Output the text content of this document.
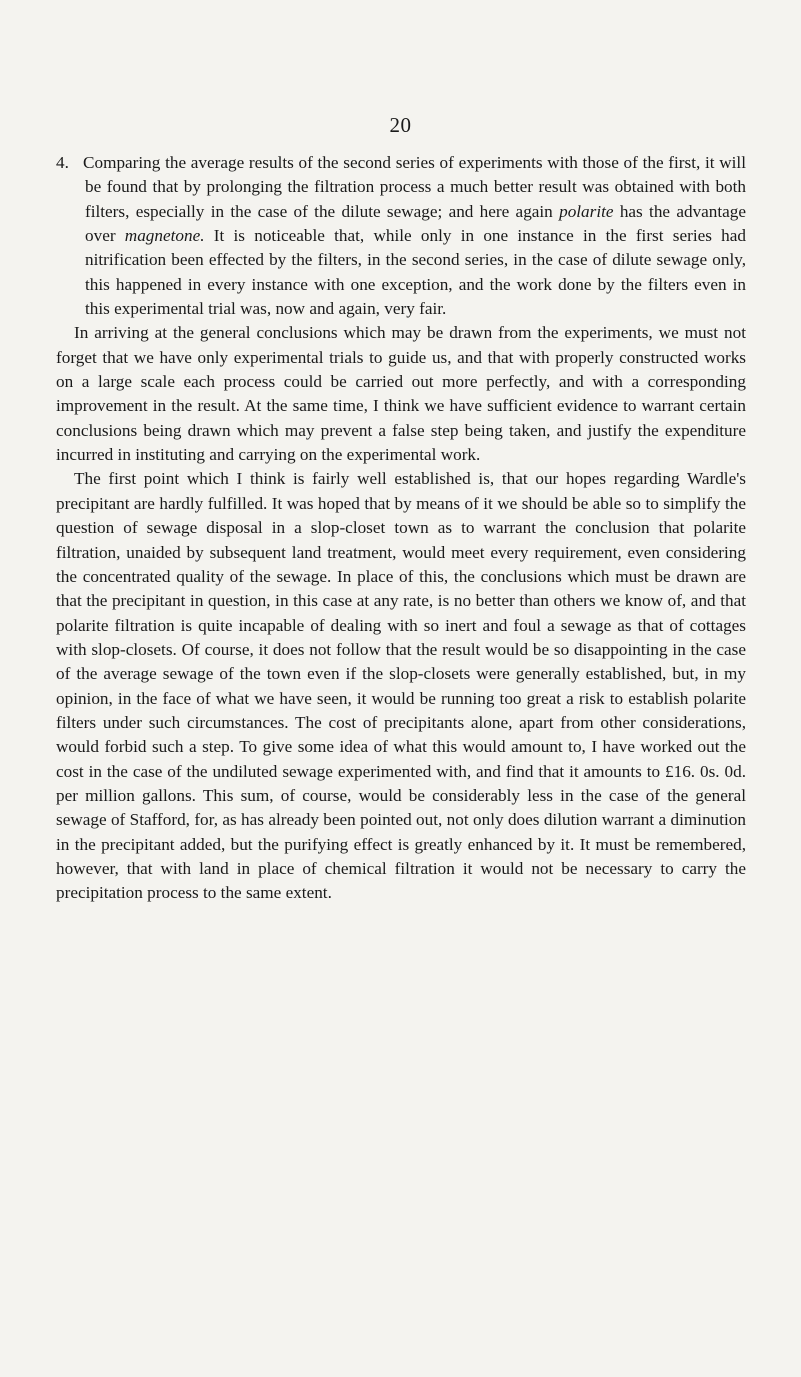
20

4. Comparing the average results of the second series of experiments with those of the first, it will be found that by prolonging the filtration process a much better result was obtained with both filters, especially in the case of the dilute sewage; and here again polarite has the advantage over magnetone. It is noticeable that, while only in one instance in the first series had nitrification been effected by the filters, in the second series, in the case of dilute sewage only, this happened in every instance with one exception, and the work done by the filters even in this experimental trial was, now and again, very fair.

In arriving at the general conclusions which may be drawn from the experiments, we must not forget that we have only experimental trials to guide us, and that with properly constructed works on a large scale each process could be carried out more perfectly, and with a corresponding improvement in the result. At the same time, I think we have sufficient evidence to warrant certain conclusions being drawn which may prevent a false step being taken, and justify the expenditure incurred in instituting and carrying on the experimental work.

The first point which I think is fairly well established is, that our hopes regarding Wardle's precipitant are hardly fulfilled. It was hoped that by means of it we should be able so to simplify the question of sewage disposal in a slop-closet town as to warrant the conclusion that polarite filtration, unaided by subsequent land treatment, would meet every requirement, even considering the concentrated quality of the sewage. In place of this, the conclusions which must be drawn are that the precipitant in question, in this case at any rate, is no better than others we know of, and that polarite filtration is quite incapable of dealing with so inert and foul a sewage as that of cottages with slop-closets. Of course, it does not follow that the result would be so disappointing in the case of the average sewage of the town even if the slop-closets were generally established, but, in my opinion, in the face of what we have seen, it would be running too great a risk to establish polarite filters under such circumstances. The cost of precipitants alone, apart from other considerations, would forbid such a step. To give some idea of what this would amount to, I have worked out the cost in the case of the undiluted sewage experimented with, and find that it amounts to £16. 0s. 0d. per million gallons. This sum, of course, would be considerably less in the case of the general sewage of Stafford, for, as has already been pointed out, not only does dilution warrant a diminution in the precipitant added, but the purifying effect is greatly enhanced by it. It must be remembered, however, that with land in place of chemical filtration it would not be necessary to carry the precipitation process to the same extent.
